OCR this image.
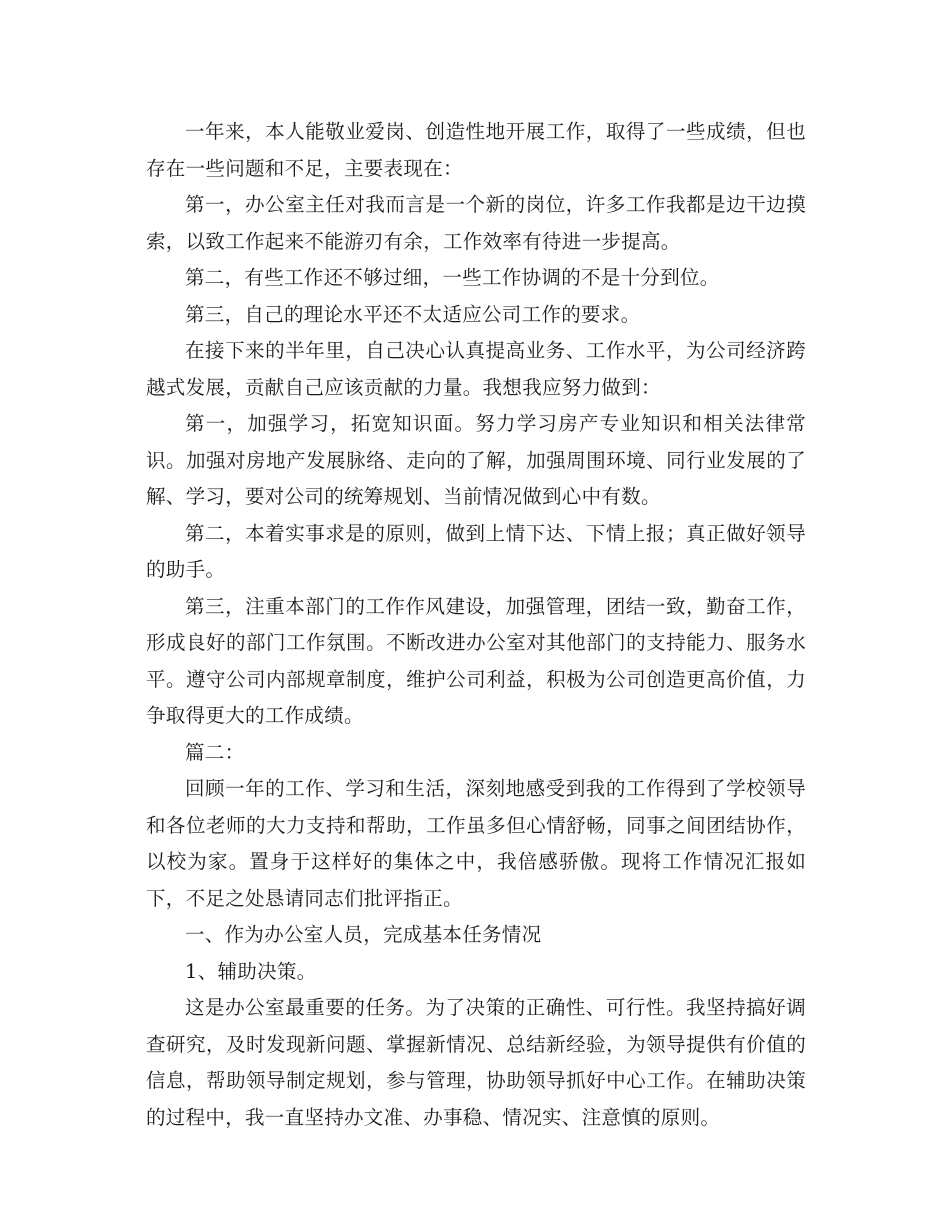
一年来，本人能敬业爱岗、创造性地开展工作，取得了一些成绩，但也存在一些问题和不足，主要表现在：

第一，办公室主任对我而言是一个新的岗位，许多工作我都是边干边摸索，以致工作起来不能游刃有余，工作效率有待进一步提高。

第二，有些工作还不够过细，一些工作协调的不是十分到位。

第三，自己的理论水平还不太适应公司工作的要求。

在接下来的半年里，自己决心认真提高业务、工作水平，为公司经济跨越式发展，贡献自己应该贡献的力量。我想我应努力做到：

第一，加强学习，拓宽知识面。努力学习房产专业知识和相关法律常识。加强对房地产发展脉络、走向的了解，加强周围环境、同行业发展的了解、学习，要对公司的统筹规划、当前情况做到心中有数。

第二，本着实事求是的原则，做到上情下达、下情上报；真正做好领导的助手。

第三，注重本部门的工作作风建设，加强管理，团结一致，勤奋工作，形成良好的部门工作氛围。不断改进办公室对其他部门的支持能力、服务水平。遵守公司内部规章制度，维护公司利益，积极为公司创造更高价值，力争取得更大的工作成绩。

篇二：

回顾一年的工作、学习和生活，深刻地感受到我的工作得到了学校领导和各位老师的大力支持和帮助，工作虽多但心情舒畅，同事之间团结协作，以校为家。置身于这样好的集体之中，我倍感骄傲。现将工作情况汇报如下，不足之处恳请同志们批评指正。

一、作为办公室人员，完成基本任务情况

1、辅助决策。

这是办公室最重要的任务。为了决策的正确性、可行性。我坚持搞好调查研究，及时发现新问题、掌握新情况、总结新经验，为领导提供有价值的信息，帮助领导制定规划，参与管理，协助领导抓好中心工作。在辅助决策的过程中，我一直坚持办文准、办事稳、情况实、注意慎的原则。
